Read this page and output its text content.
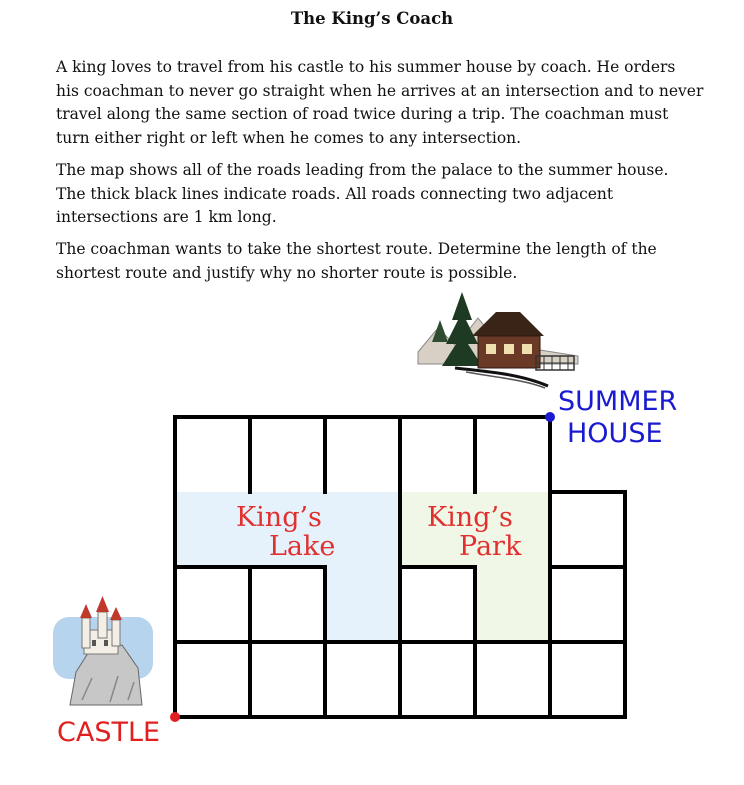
The King’s Coach
A king loves to travel from his castle to his summer house by coach. He orders
his coachman to never go straight when he arrives at an intersection and to never
travel along the same section of road twice during a trip. The coachman must
turn either right or left when he comes to any intersection.
The map shows all of the roads leading from the palace to the summer house.
The thick black lines indicate roads. All roads connecting two adjacent
intersections are 1 km long.
The coachman wants to take the shortest route. Determine the length of the
shortest route and justify why no shorter route is possible.
King’s
Lake
King’s
Park
CASTLE
SUMMER
HOUSE
